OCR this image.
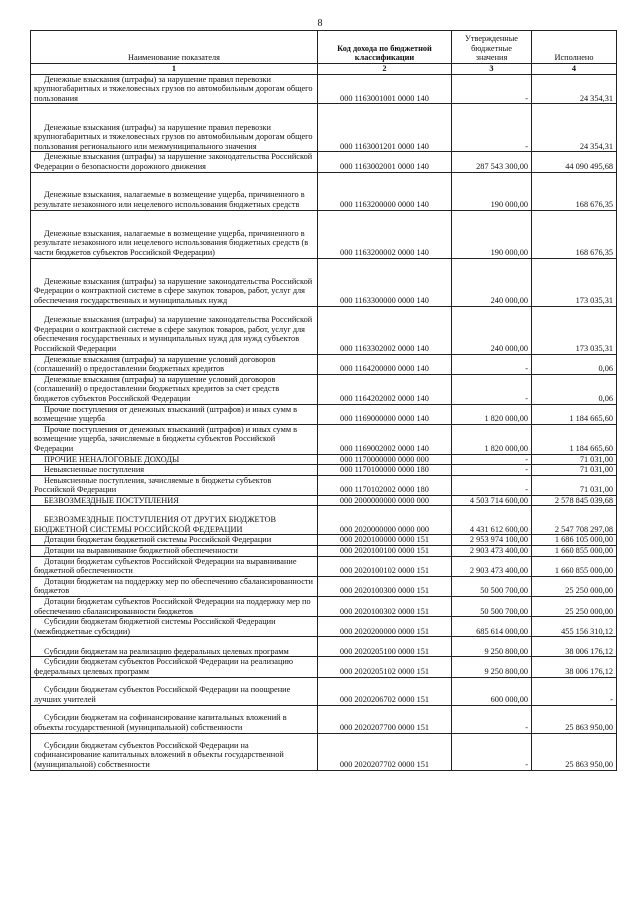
8
Наименование показателя	Код дохода по бюджетной классификации	Утвержденные бюджетные значения	Исполнено
1	2	3	4
Денежные взыскания (штрафы) за нарушение правил перевозки крупногабаритных и тяжеловесных грузов по автомобильным дорогам общего пользования	000 1163001001 0000 140	-	24 354,31
Денежные взыскания (штрафы) за нарушение правил перевозки крупногабаритных и тяжеловесных грузов по автомобильным дорогам общего пользования регионального или межмуниципального значения	000 1163001201 0000 140	-	24 354,31
Денежные взыскания (штрафы) за нарушение законодательства Российской Федерации о безопасности дорожного движения	000 1163002001 0000 140	287 543 300,00	44 090 495,68
Денежные взыскания, налагаемые в возмещение ущерба, причиненного в результате незаконного или нецелевого использования бюджетных средств	000 1163200000 0000 140	190 000,00	168 676,35
Денежные взыскания, налагаемые в возмещение ущерба, причиненного в результате незаконного или нецелевого использования бюджетных средств (в части бюджетов субъектов Российской Федерации)	000 1163200002 0000 140	190 000,00	168 676,35
Денежные взыскания (штрафы) за нарушение законодательства Российской Федерации о контрактной системе в сфере закупок товаров, работ, услуг для обеспечения государственных и муниципальных нужд	000 1163300000 0000 140	240 000,00	173 035,31
Денежные взыскания (штрафы) за нарушение законодательства Российской Федерации о контрактной системе в сфере закупок товаров, работ, услуг для обеспечения государственных и муниципальных нужд для нужд субъектов Российской Федерации	000 1163302002 0000 140	240 000,00	173 035,31
Денежные взыскания (штрафы) за нарушение условий договоров (соглашений) о предоставлении бюджетных кредитов	000 1164200000 0000 140	-	0,06
Денежные взыскания (штрафы) за нарушение условий договоров (соглашений) о предоставлении бюджетных кредитов за счет средств бюджетов субъектов Российской Федерации	000 1164202002 0000 140	-	0,06
Прочие поступления от денежных взысканий (штрафов) и иных сумм в возмещение ущерба	000 1169000000 0000 140	1 820 000,00	1 184 665,60
Прочие поступления от денежных взысканий (штрафов) и иных сумм в возмещение ущерба, зачисляемые в бюджеты субъектов Российской Федерации	000 1169002002 0000 140	1 820 000,00	1 184 665,60
ПРОЧИЕ НЕНАЛОГОВЫЕ ДОХОДЫ	000 1170000000 0000 000	-	71 031,00
Невыясненные поступления	000 1170100000 0000 180	-	71 031,00
Невыясненные поступления, зачисляемые в бюджеты субъектов Российской Федерации	000 1170102002 0000 180	-	71 031,00
БЕЗВОЗМЕЗДНЫЕ ПОСТУПЛЕНИЯ	000 2000000000 0000 000	4 503 714 600,00	2 578 845 039,68
БЕЗВОЗМЕЗДНЫЕ ПОСТУПЛЕНИЯ ОТ ДРУГИХ БЮДЖЕТОВ БЮДЖЕТНОЙ СИСТЕМЫ РОССИЙСКОЙ ФЕДЕРАЦИИ	000 2020000000 0000 000	4 431 612 600,00	2 547 708 297,08
Дотации бюджетам бюджетной системы Российской Федерации	000 2020100000 0000 151	2 953 974 100,00	1 686 105 000,00
Дотации на выравнивание бюджетной обеспеченности	000 2020100100 0000 151	2 903 473 400,00	1 660 855 000,00
Дотации бюджетам субъектов Российской Федерации на выравнивание бюджетной обеспеченности	000 2020100102 0000 151	2 903 473 400,00	1 660 855 000,00
Дотации бюджетам на поддержку мер по обеспечению сбалансированности бюджетов	000 2020100300 0000 151	50 500 700,00	25 250 000,00
Дотации бюджетам субъектов Российской Федерации на поддержку мер по обеспечению сбалансированности бюджетов	000 2020100302 0000 151	50 500 700,00	25 250 000,00
Субсидии бюджетам бюджетной системы Российской Федерации (межбюджетные субсидии)	000 2020200000 0000 151	685 614 000,00	455 156 310,12
Субсидии бюджетам на реализацию федеральных целевых программ	000 2020205100 0000 151	9 250 800,00	38 006 176,12
Субсидии бюджетам субъектов Российской Федерации на реализацию федеральных целевых программ	000 2020205102 0000 151	9 250 800,00	38 006 176,12
Субсидии бюджетам субъектов Российской Федерации на поощрение лучших учителей	000 2020206702 0000 151	600 000,00	-
Субсидии бюджетам на софинансирование капитальных вложений в объекты государственной (муниципальной) собственности	000 2020207700 0000 151	-	25 863 950,00
Субсидии бюджетам субъектов Российской Федерации на софинансирование капитальных вложений в объекты государственной (муниципальной) собственности	000 2020207702 0000 151	-	25 863 950,00
